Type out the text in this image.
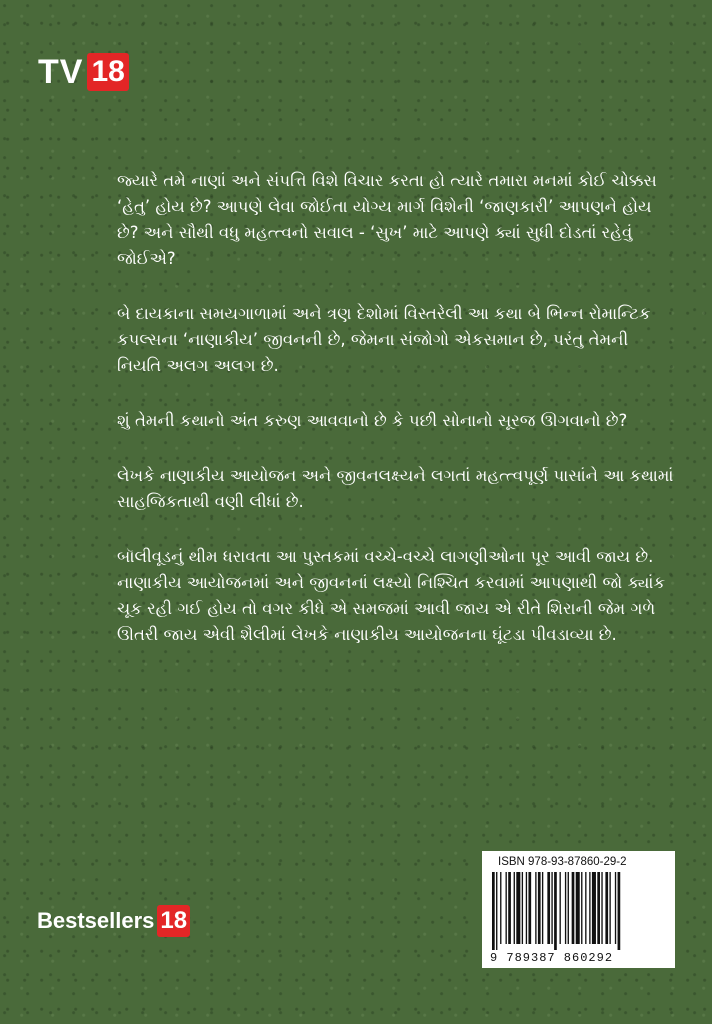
TV 18

જ્યારે તમે નાણાં અને સંપત્તિ વિશે વિચાર કરતા હો ત્યારે તમારા મનમાં કોઈ ચોક્કસ ‘હેતુ’ હોય છે? આપણે લેવા જોઈતા યોગ્ય માર્ગ વિશેની ‘જાણકારી’ આપણને હોય છે? અને સૌથી વધુ મહત્ત્વનો સવાલ - ‘સુખ’ માટે આપણે ક્યાં સુધી દોડતાં રહેવું જોઈએ?

બે દાયકાના સમયગાળામાં અને ત્રણ દેશોમાં વિસ્તરેલી આ કથા બે ભિન્ન રોમાન્ટિક કપલ્સના ‘નાણાકીય’ જીવનની છે, જેમના સંજોગો એકસમાન છે, પરંતુ તેમની નિયતિ અલગ અલગ છે.

શું તેમની કથાનો અંત કરુણ આવવાનો છે કે પછી સોનાનો સૂરજ ઊગવાનો છે?

લેખકે નાણાકીય આયોજન અને જીવનલક્ષ્યને લગતાં મહત્ત્વપૂર્ણ પાસાંને આ કથામાં સાહજિકતાથી વણી લીધાં છે.

બૉલીવૂડનું થીમ ધરાવતા આ પુસ્તકમાં વચ્ચે-વચ્ચે લાગણીઓના પૂર આવી જાય છે. નાણાકીય આયોજનમાં અને જીવનનાં લક્ષ્યો નિશ્ચિત કરવામાં આપણાથી જો ક્યાંક ચૂક રહી ગઈ હોય તો વગર કીધે એ સમજમાં આવી જાય એ રીતે શિરાની જેમ ગળે ઊતરી જાય એવી શૈલીમાં લેખકે નાણાકીય આયોજનના ઘૂંટડા પીવડાવ્યા છે.

Bestsellers 18
ISBN 978-93-87860-29-2
9 789387 860292
